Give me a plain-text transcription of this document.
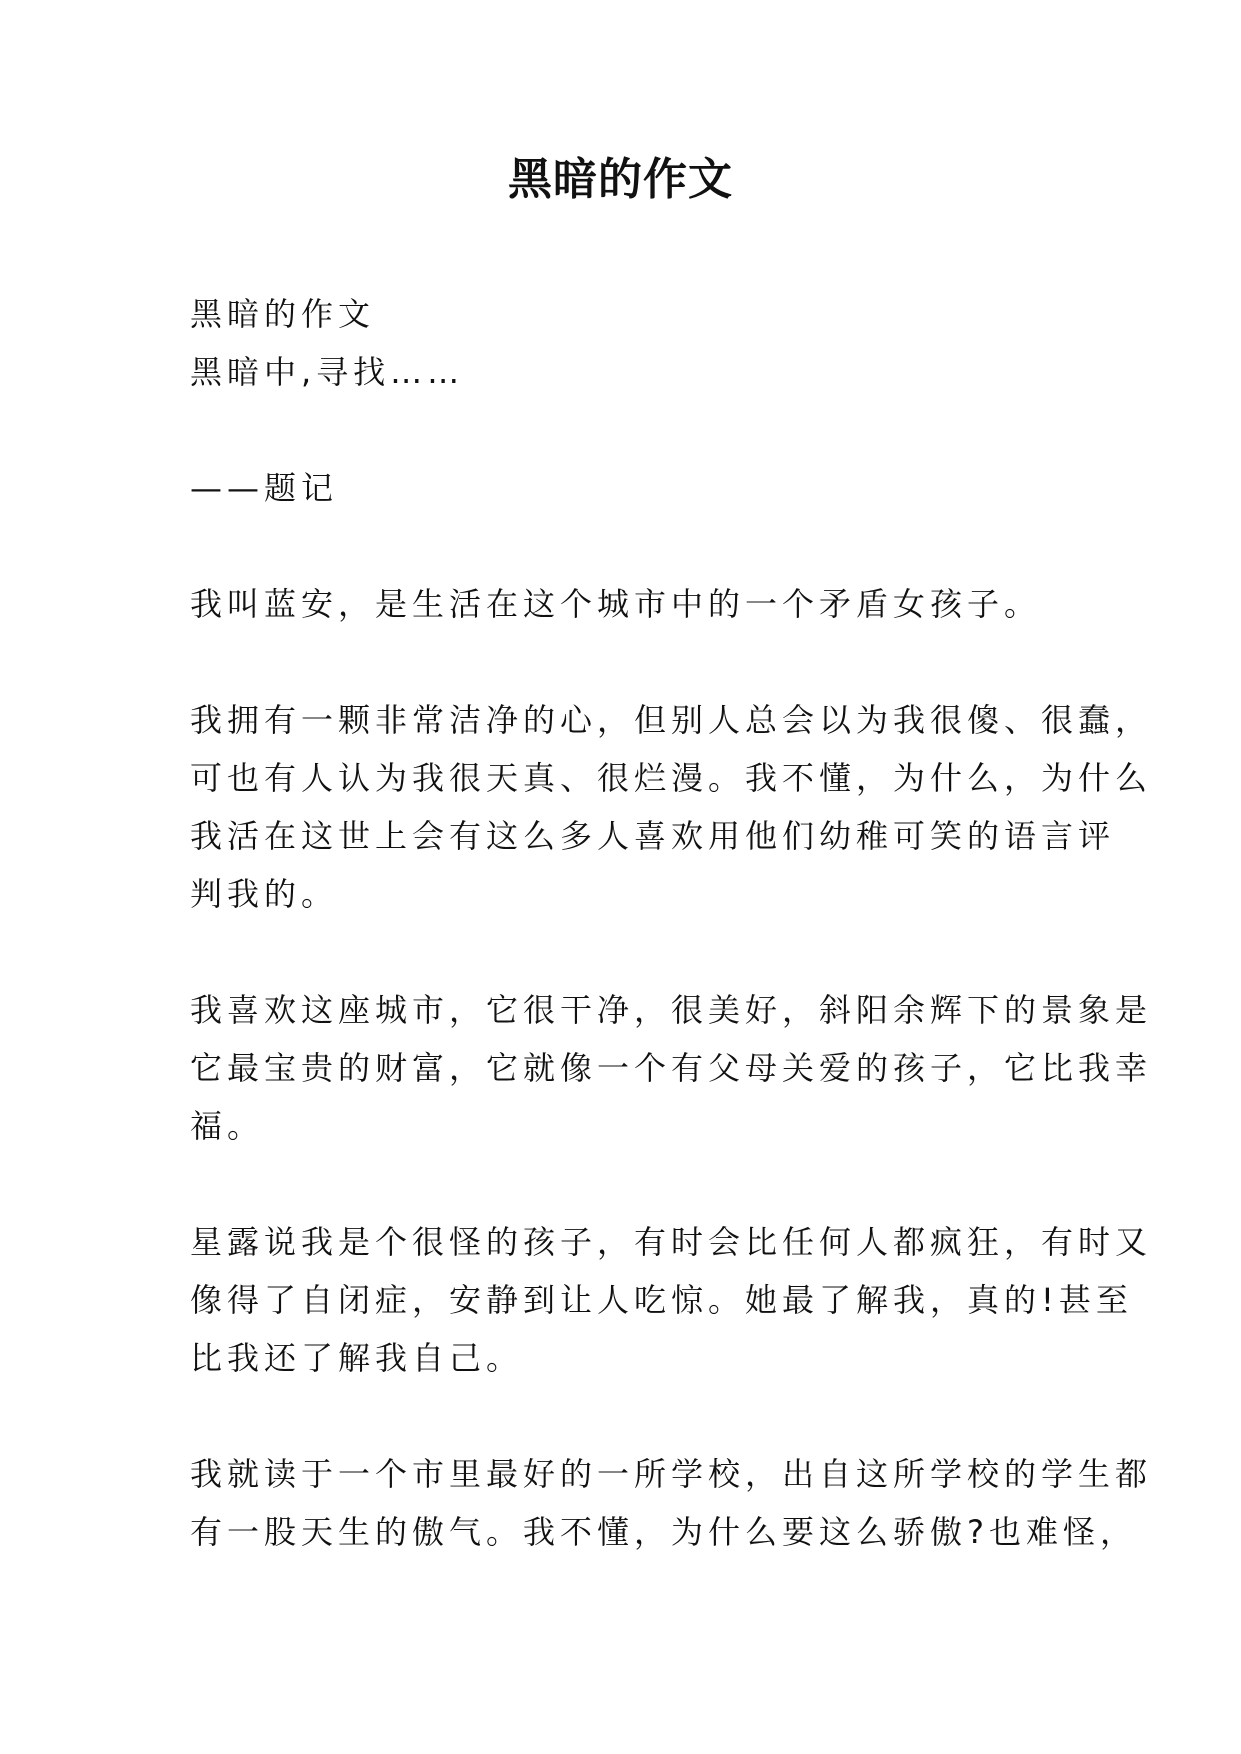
黑暗的作文

黑暗的作文

黑暗中,寻找……

——题记

我叫蓝安，是生活在这个城市中的一个矛盾女孩子。

我拥有一颗非常洁净的心，但别人总会以为我很傻、很蠢，

可也有人认为我很天真、很烂漫。我不懂，为什么，为什么

我活在这世上会有这么多人喜欢用他们幼稚可笑的语言评

判我的。

我喜欢这座城市，它很干净，很美好，斜阳余辉下的景象是

它最宝贵的财富，它就像一个有父母关爱的孩子，它比我幸

福。

星露说我是个很怪的孩子，有时会比任何人都疯狂，有时又

像得了自闭症，安静到让人吃惊。她最了解我，真的!甚至

比我还了解我自己。

我就读于一个市里最好的一所学校，出自这所学校的学生都

有一股天生的傲气。我不懂，为什么要这么骄傲?也难怪，
